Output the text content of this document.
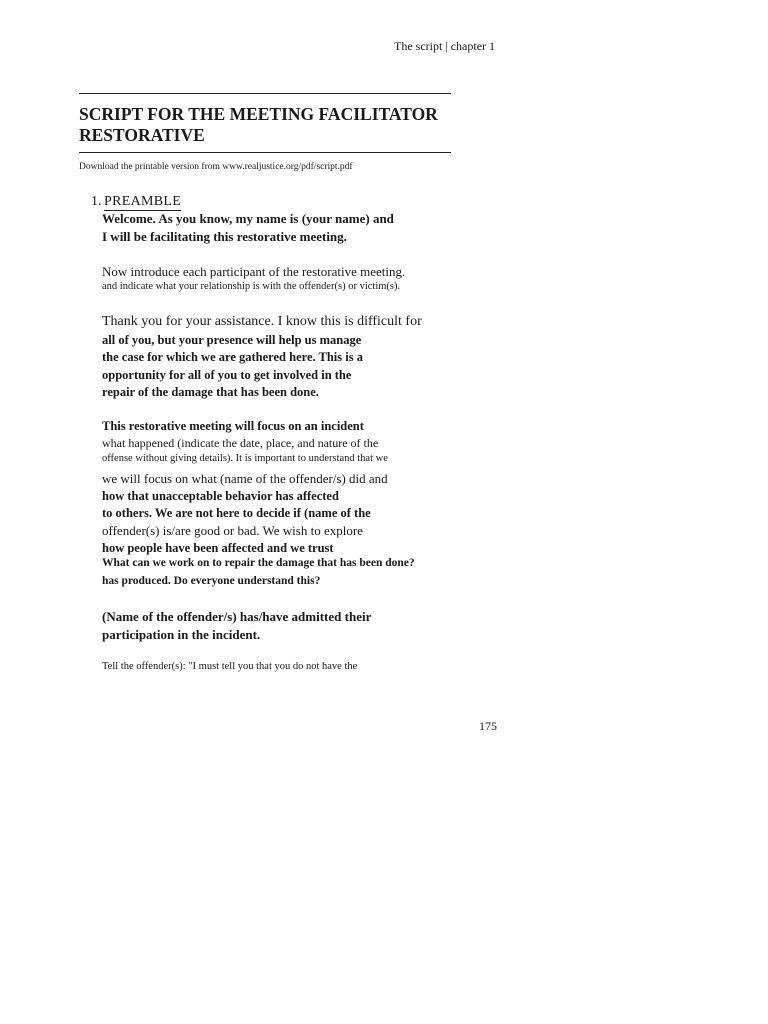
The script | chapter 1
SCRIPT FOR THE MEETING FACILITATOR
RESTORATIVE
Download the printable version from www.realjustice.org/pdf/script.pdf
1. PREAMBLE
Welcome. As you know, my name is (your name) and
I will be facilitating this restorative meeting.
Now introduce each participant of the restorative meeting.
and indicate what your relationship is with the offender(s) or victim(s).
Thank you for your assistance. I know this is difficult for
all of you, but your presence will help us manage
the case for which we are gathered here. This is a
opportunity for all of you to get involved in the
repair of the damage that has been done.
This restorative meeting will focus on an incident
what happened (indicate the date, place, and nature of the
offense without giving details). It is important to understand that we
we will focus on what (name of the offender/s) did and
how that unacceptable behavior has affected
to others. We are not here to decide if (name of the
offender(s) is/are good or bad. We wish to explore
how people have been affected and we trust
What can we work on to repair the damage that has been done?
has produced. Do everyone understand this?
(Name of the offender/s) has/have admitted their
participation in the incident.
Tell the offender(s): "I must tell you that you do not have the
175
